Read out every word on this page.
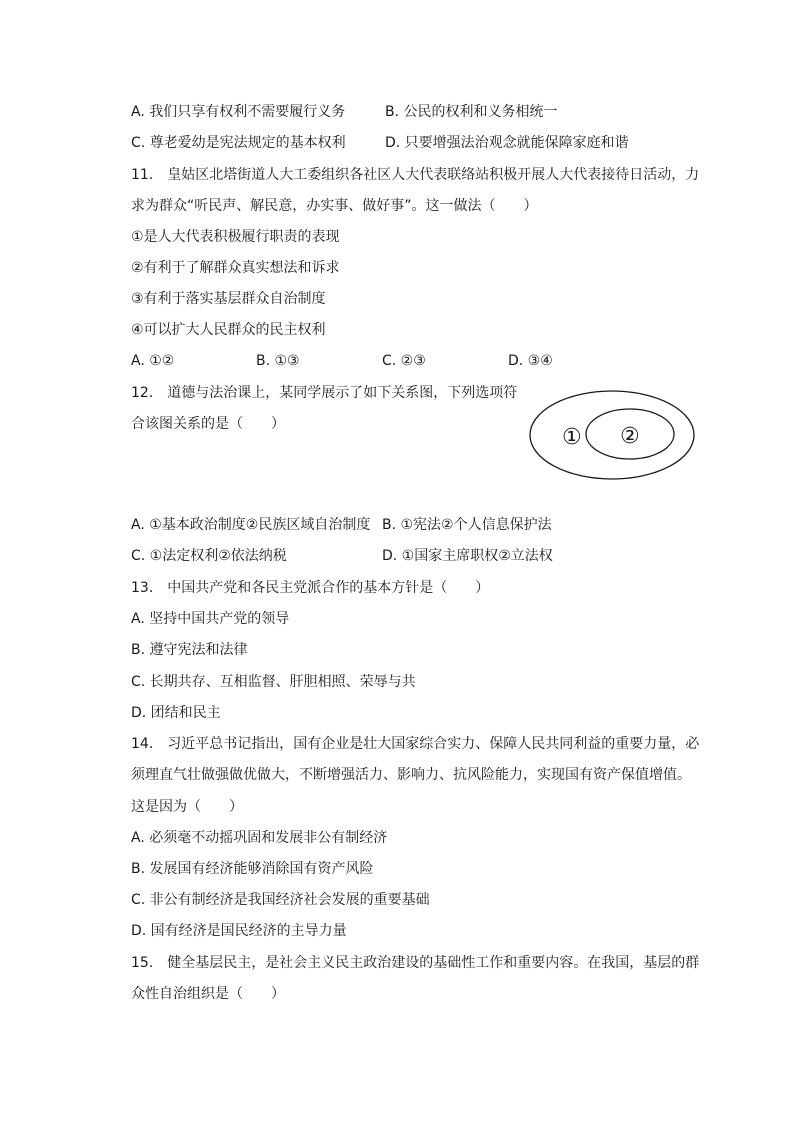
A. 我们只享有权利不需要履行义务	B. 公民的权利和义务相统一
C. 尊老爱幼是宪法规定的基本权利	D. 只要增强法治观念就能保障家庭和谐
11.　皇姑区北塔街道人大工委组织各社区人大代表联络站积极开展人大代表接待日活动，力
求为群众“听民声、解民意，办实事、做好事”。这一做法（　　）
①是人大代表积极履行职责的表现
②有利于了解群众真实想法和诉求
③有利于落实基层群众自治制度
④可以扩大人民群众的民主权利
A. ①②	B. ①③	C. ②③	D. ③④
12.　道德与法治课上，某同学展示了如下关系图，下列选项符
合该图关系的是（　　）
① ②
A. ①基本政治制度②民族区域自治制度 B. ①宪法②个人信息保护法
C. ①法定权利②依法纳税	D. ①国家主席职权②立法权
13.　中国共产党和各民主党派合作的基本方针是（　　）
A. 坚持中国共产党的领导
B. 遵守宪法和法律
C. 长期共存、互相监督、肝胆相照、荣辱与共
D. 团结和民主
14.　习近平总书记指出，国有企业是壮大国家综合实力、保障人民共同利益的重要力量，必
须理直气壮做强做优做大，不断增强活力、影响力、抗风险能力，实现国有资产保值增值。
这是因为（　　）
A. 必须毫不动摇巩固和发展非公有制经济
B. 发展国有经济能够消除国有资产风险
C. 非公有制经济是我国经济社会发展的重要基础
D. 国有经济是国民经济的主导力量
15.　健全基层民主，是社会主义民主政治建设的基础性工作和重要内容。在我国，基层的群
众性自治组织是（　　）
